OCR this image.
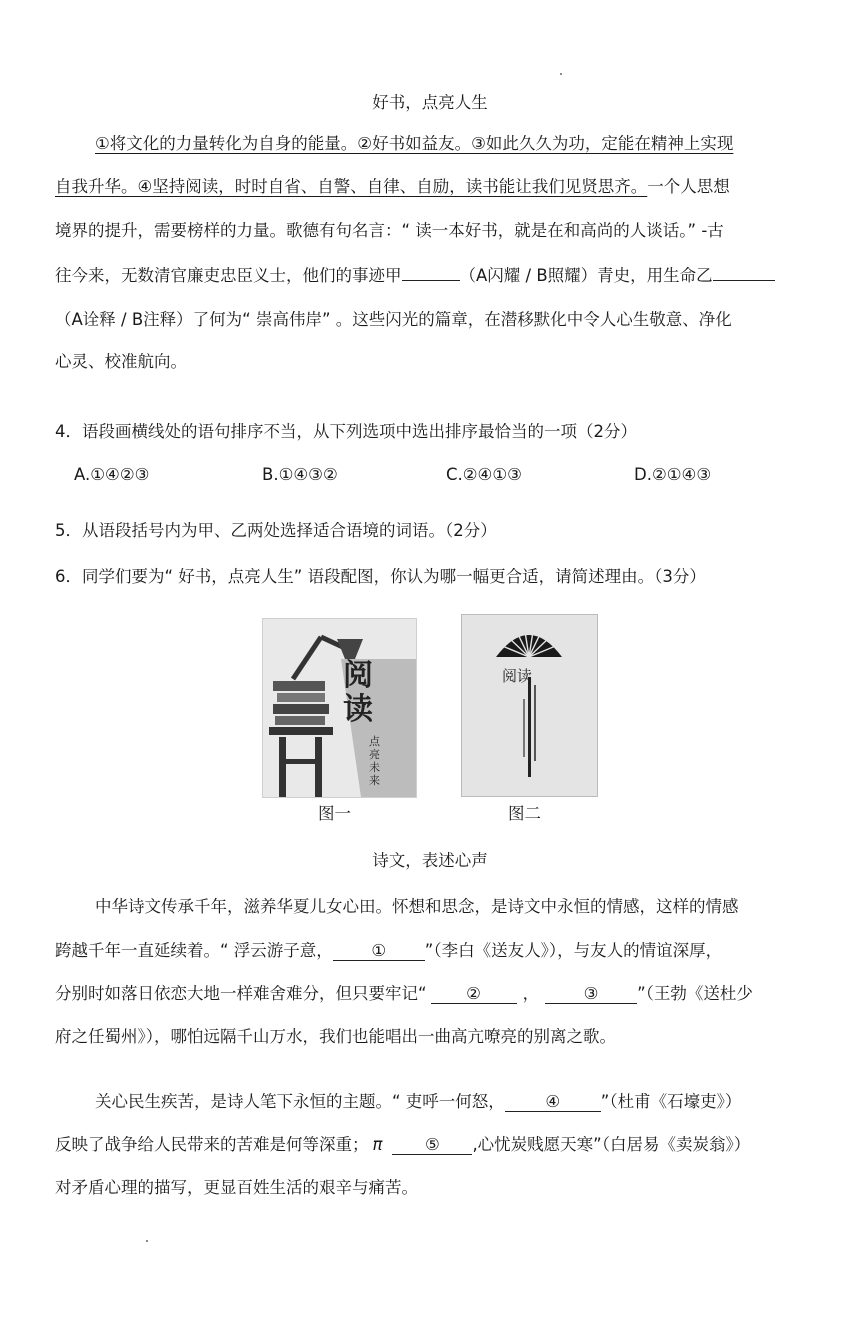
好书，点亮人生
①将文化的力量转化为自身的能量。②好书如益友。③如此久久为功，定能在精神上实现
自我升华。④坚持阅读，时时自省、自警、自律、自励，读书能让我们见贤思齐。一个人思想
境界的提升，需要榜样的力量。歌德有句名言：“ 读一本好书，就是在和高尚的人谈话。” -古
往今来，无数清官廉吏忠臣义士，他们的事迹甲	（A闪耀 / B照耀）青史，用生命乙
（A诠释 / B注释）了何为“ 崇高伟岸” 。这些闪光的篇章，在潜移默化中令人心生敬意、净化
心灵、校准航向。
4．语段画横线处的语句排序不当，从下列选项中选出排序最恰当的一项（2分）
A.①④②③	B.①④③②	C.②④①③	D.②①④③
5．从语段括号内为甲、乙两处选择适合语境的词语。（2分）
6．同学们要为“ 好书，点亮人生” 语段配图，你认为哪一幅更合适，请简述理由。（3分）
阅
读
点亮未来
图一
阅读
图二
诗文，表述心声
中华诗文传承千年，滋养华夏儿女心田。怀想和思念，是诗文中永恒的情感，这样的情感
跨越千年一直延续着。“ 浮云游子意， ① ”（李白《送友人》），与友人的情谊深厚，
分别时如落日依恋大地一样难舍难分，但只要牢记“ ②	，	③ ”（王勃《送杜少
府之任蜀州》），哪怕远隔千山万水，我们也能唱出一曲高亢嘹亮的别离之歌。
关心民生疾苦，是诗人笔下永恒的主题。“ 吏呼一何怒， ④ ”（杜甫《石壕吏》）
反映了战争给人民带来的苦难是何等深重； π	⑤ ,心忧炭贱愿天寒”（白居易《卖炭翁》）
对矛盾心理的描写，更显百姓生活的艰辛与痛苦。
